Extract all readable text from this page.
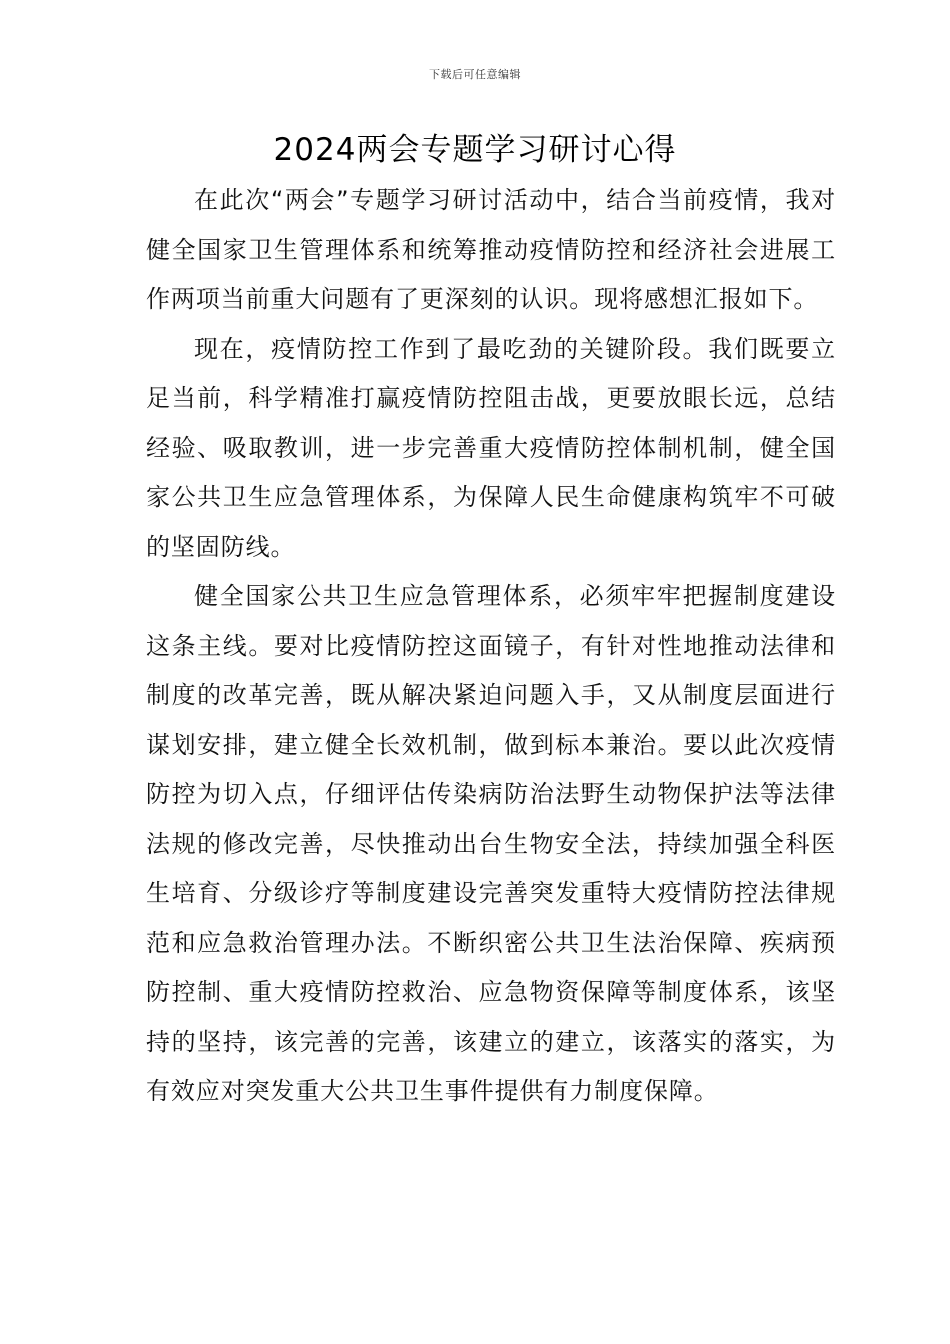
下载后可任意编辑
2024两会专题学习研讨心得

在此次“两会”专题学习研讨活动中，结合当前疫情，我对健全国家卫生管理体系和统筹推动疫情防控和经济社会进展工作两项当前重大问题有了更深刻的认识。现将感想汇报如下。

现在，疫情防控工作到了最吃劲的关键阶段。我们既要立足当前，科学精准打赢疫情防控阻击战，更要放眼长远，总结经验、吸取教训，进一步完善重大疫情防控体制机制，健全国家公共卫生应急管理体系，为保障人民生命健康构筑牢不可破的坚固防线。

健全国家公共卫生应急管理体系，必须牢牢把握制度建设这条主线。要对比疫情防控这面镜子，有针对性地推动法律和制度的改革完善，既从解决紧迫问题入手，又从制度层面进行谋划安排，建立健全长效机制，做到标本兼治。要以此次疫情防控为切入点，仔细评估传染病防治法野生动物保护法等法律法规的修改完善，尽快推动出台生物安全法，持续加强全科医生培育、分级诊疗等制度建设完善突发重特大疫情防控法律规范和应急救治管理办法。不断织密公共卫生法治保障、疾病预防控制、重大疫情防控救治、应急物资保障等制度体系，该坚持的坚持，该完善的完善，该建立的建立，该落实的落实，为有效应对突发重大公共卫生事件提供有力制度保障。
